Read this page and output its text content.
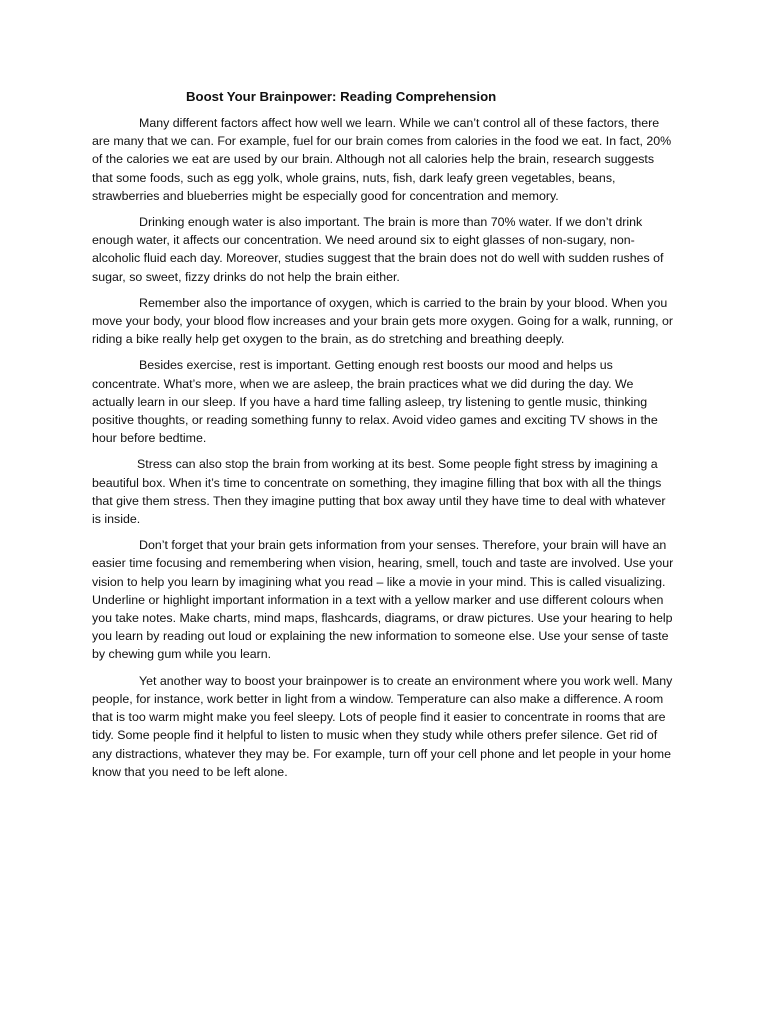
Boost Your Brainpower: Reading Comprehension

Many different factors affect how well we learn. While we can’t control all of these factors, there are many that we can. For example, fuel for our brain comes from calories in the food we eat. In fact, 20% of the calories we eat are used by our brain. Although not all calories help the brain, research suggests that some foods, such as egg yolk, whole grains, nuts, fish, dark leafy green vegetables, beans, strawberries and blueberries might be especially good for concentration and memory.

Drinking enough water is also important. The brain is more than 70% water. If we don’t drink enough water, it affects our concentration. We need around six to eight glasses of non-sugary, non-alcoholic fluid each day. Moreover, studies suggest that the brain does not do well with sudden rushes of sugar, so sweet, fizzy drinks do not help the brain either.

Remember also the importance of oxygen, which is carried to the brain by your blood. When you move your body, your blood flow increases and your brain gets more oxygen. Going for a walk, running, or riding a bike really help get oxygen to the brain, as do stretching and breathing deeply.

Besides exercise, rest is important. Getting enough rest boosts our mood and helps us concentrate. What’s more, when we are asleep, the brain practices what we did during the day. We actually learn in our sleep. If you have a hard time falling asleep, try listening to gentle music, thinking positive thoughts, or reading something funny to relax. Avoid video games and exciting TV shows in the hour before bedtime.

Stress can also stop the brain from working at its best. Some people fight stress by imagining a beautiful box. When it’s time to concentrate on something, they imagine filling that box with all the things that give them stress. Then they imagine putting that box away until they have time to deal with whatever is inside.

Don’t forget that your brain gets information from your senses. Therefore, your brain will have an easier time focusing and remembering when vision, hearing, smell, touch and taste are involved. Use your vision to help you learn by imagining what you read – like a movie in your mind. This is called visualizing. Underline or highlight important information in a text with a yellow marker and use different colours when you take notes. Make charts, mind maps, flashcards, diagrams, or draw pictures. Use your hearing to help you learn by reading out loud or explaining the new information to someone else. Use your sense of taste by chewing gum while you learn.

Yet another way to boost your brainpower is to create an environment where you work well. Many people, for instance, work better in light from a window. Temperature can also make a difference. A room that is too warm might make you feel sleepy. Lots of people find it easier to concentrate in rooms that are tidy. Some people find it helpful to listen to music when they study while others prefer silence. Get rid of any distractions, whatever they may be. For example, turn off your cell phone and let people in your home know that you need to be left alone.
